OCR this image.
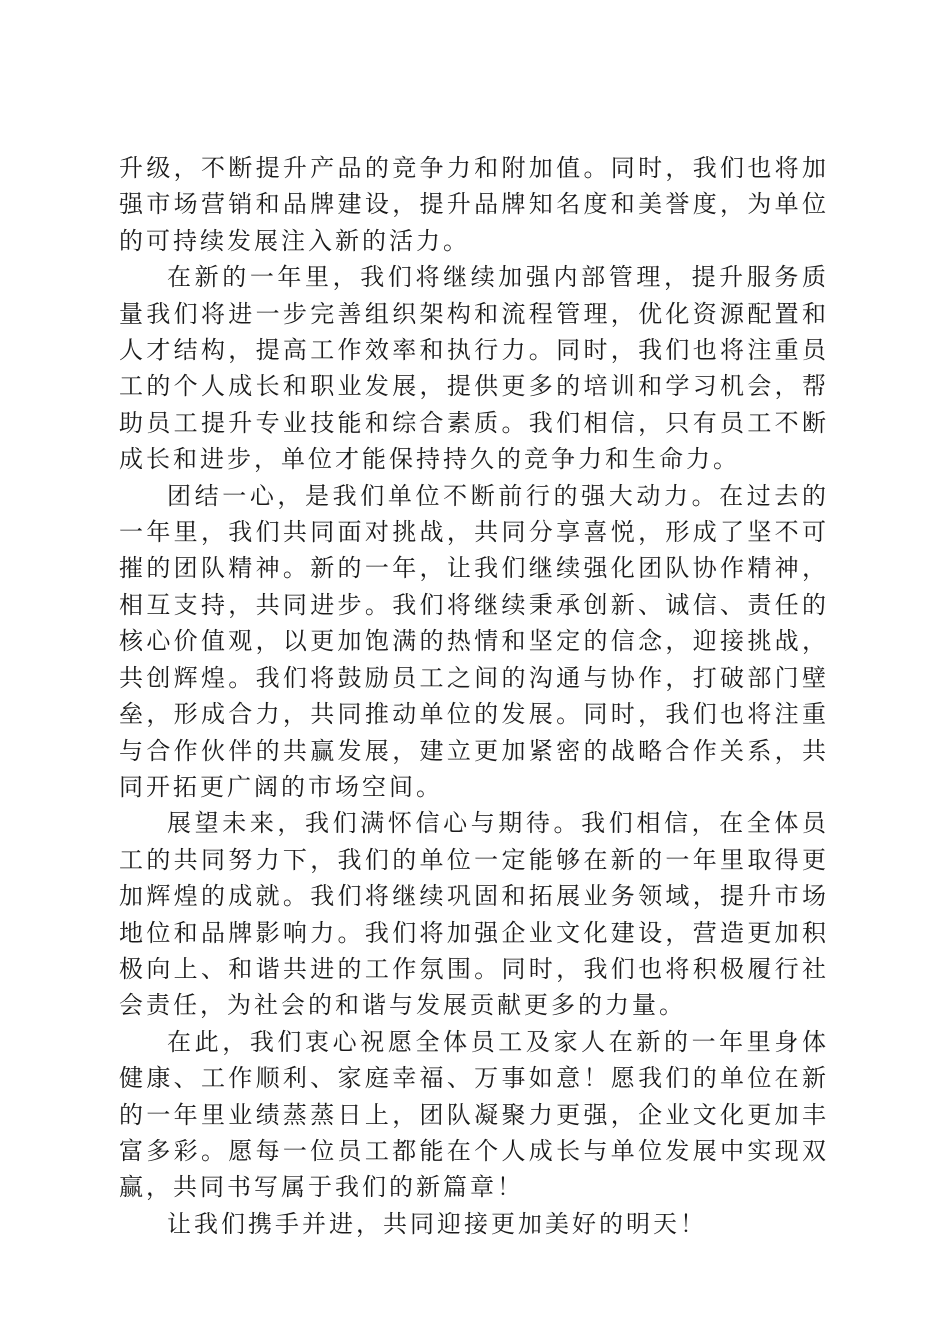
升级，不断提升产品的竞争力和附加值。同时，我们也将加强市场营销和品牌建设，提升品牌知名度和美誉度，为单位的可持续发展注入新的活力。

在新的一年里，我们将继续加强内部管理，提升服务质量我们将进一步完善组织架构和流程管理，优化资源配置和人才结构，提高工作效率和执行力。同时，我们也将注重员工的个人成长和职业发展，提供更多的培训和学习机会，帮助员工提升专业技能和综合素质。我们相信，只有员工不断成长和进步，单位才能保持持久的竞争力和生命力。

团结一心，是我们单位不断前行的强大动力。在过去的一年里，我们共同面对挑战，共同分享喜悦，形成了坚不可摧的团队精神。新的一年，让我们继续强化团队协作精神，相互支持，共同进步。我们将继续秉承创新、诚信、责任的核心价值观，以更加饱满的热情和坚定的信念，迎接挑战，共创辉煌。我们将鼓励员工之间的沟通与协作，打破部门壁垒，形成合力，共同推动单位的发展。同时，我们也将注重与合作伙伴的共赢发展，建立更加紧密的战略合作关系，共同开拓更广阔的市场空间。

展望未来，我们满怀信心与期待。我们相信，在全体员工的共同努力下，我们的单位一定能够在新的一年里取得更加辉煌的成就。我们将继续巩固和拓展业务领域，提升市场地位和品牌影响力。我们将加强企业文化建设，营造更加积极向上、和谐共进的工作氛围。同时，我们也将积极履行社会责任，为社会的和谐与发展贡献更多的力量。

在此，我们衷心祝愿全体员工及家人在新的一年里身体健康、工作顺利、家庭幸福、万事如意！愿我们的单位在新的一年里业绩蒸蒸日上，团队凝聚力更强，企业文化更加丰富多彩。愿每一位员工都能在个人成长与单位发展中实现双赢，共同书写属于我们的新篇章！

让我们携手并进，共同迎接更加美好的明天！
